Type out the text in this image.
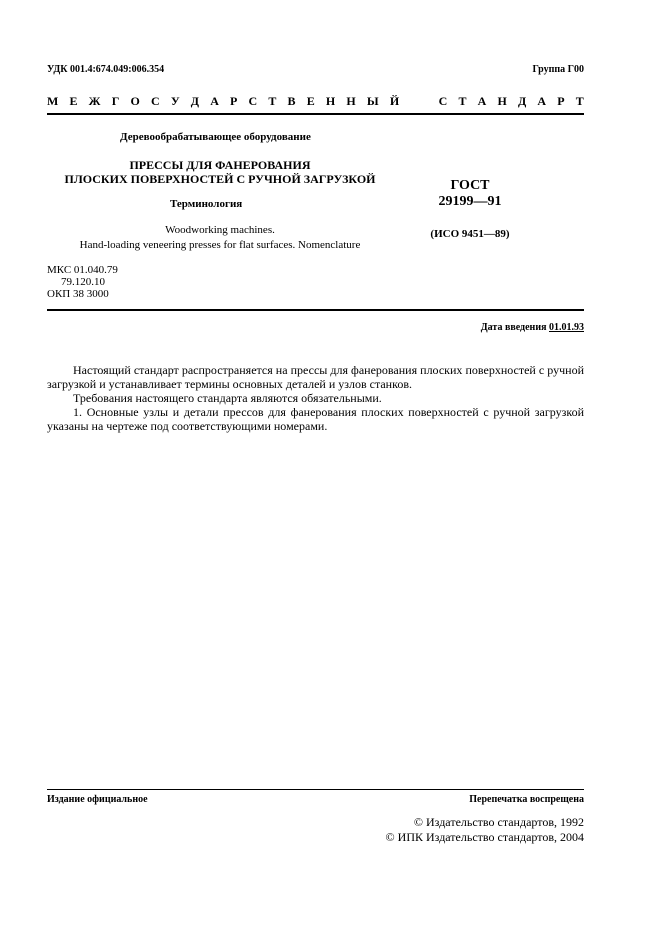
УДК 001.4:674.049:006.354	Группа Г00
М Е Ж Г О С У Д А Р С Т В Е Н Н Ы Й

	С Т А Н Д А Р Т
Деревообрабатывающее оборудование
ПРЕССЫ ДЛЯ ФАНЕРОВАНИЯ
ПЛОСКИХ ПОВЕРХНОСТЕЙ С РУЧНОЙ ЗАГРУЗКОЙ
Терминология
Woodworking machines.
Hand-loading veneering presses for flat surfaces. Nomenclature
ГОСТ
29199—91
(ИСО 9451—89)
МКС 01.040.79
79.120.10
ОКП 38 3000
Дата введения 01.01.93

Настоящий стандарт распространяется на прессы для фанерования плоских поверхностей с ручной загрузкой и устанавливает термины основных деталей и узлов станков.

Требования настоящего стандарта являются обязательными.

1. Основные узлы и детали прессов для фанерования плоских поверхностей с ручной загрузкой указаны на чертеже под соответствующими номерами.

Издание официальное	Перепечатка воспрещена
© Издательство стандартов, 1992
© ИПК Издательство стандартов, 2004
